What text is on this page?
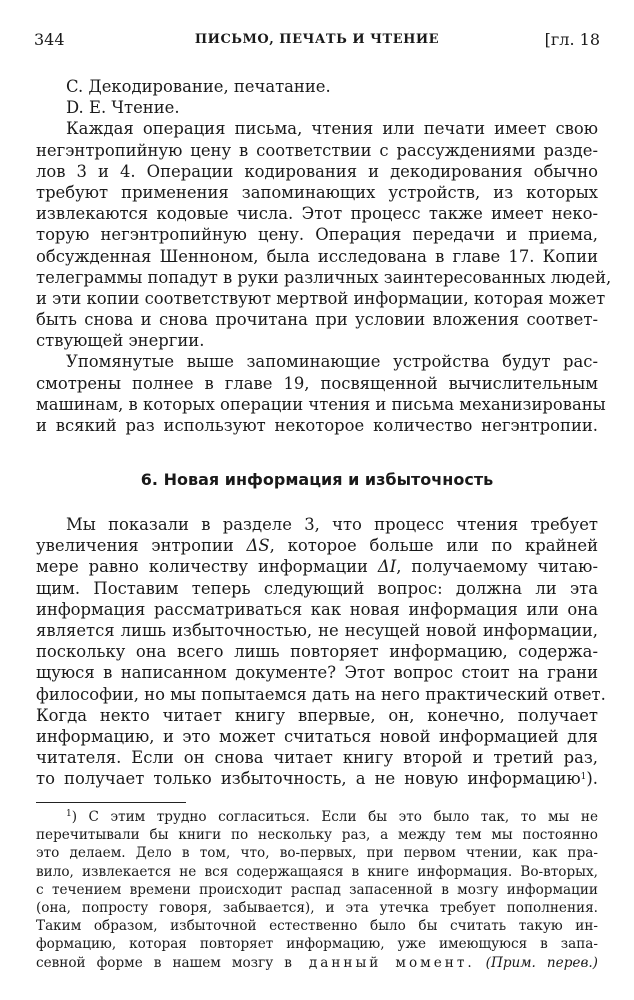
344	ПИСЬМО, ПЕЧАТЬ И ЧТЕНИЕ	[гл. 18
C. Декодирование, печатание.
D. E. Чтение.
Каждая операция письма, чтения или печати имеет свою
негэнтропийную цену в соответствии с рассуждениями разде-
лов 3 и 4. Операции кодирования и декодирования обычно
требуют применения запоминающих устройств, из которых
извлекаются кодовые числа. Этот процесс также имеет неко-
торую негэнтропийную цену. Операция передачи и приема,
обсужденная Шенноном, была исследована в главе 17. Копии
телеграммы попадут в руки различных заинтересованных людей,
и эти копии соответствуют мертвой информации, которая может
быть снова и снова прочитана при условии вложения соответ-
ствующей энергии.
Упомянутые выше запоминающие устройства будут рас-
смотрены полнее в главе 19, посвященной вычислительным
машинам, в которых операции чтения и письма механизированы
и всякий раз используют некоторое количество негэнтропии.
6. Новая информация и избыточность
Мы показали в разделе 3, что процесс чтения требует
увеличения энтропии ΔS, которое больше или по крайней
мере равно количеству информации ΔI, получаемому читаю-
щим. Поставим теперь следующий вопрос: должна ли эта
информация рассматриваться как новая информация или она
является лишь избыточностью, не несущей новой информации,
поскольку она всего лишь повторяет информацию, содержа-
щуюся в написанном документе? Этот вопрос стоит на грани
философии, но мы попытаемся дать на него практический ответ.
Когда некто читает книгу впервые, он, конечно, получает
информацию, и это может считаться новой информацией для
читателя. Если он снова читает книгу второй и третий раз,
то получает только избыточность, а не новую информацию$^1$).
$^1$) С этим трудно согласиться. Если бы это было так, то мы не
перечитывали бы книги по нескольку раз, а между тем мы постоянно
это делаем. Дело в том, что, во-первых, при первом чтении, как пра-
вило, извлекается не вся содержащаяся в книге информация. Во-вторых,
с течением времени происходит распад запасенной в мозгу информации
(она, попросту говоря, забывается), и эта утечка требует пополнения.
Таким образом, избыточной естественно было бы считать такую ин-
формацию, которая повторяет информацию, уже имеющуюся в запа-
севной форме в нашем мозгу в данный момент. (Прим. перев.)
